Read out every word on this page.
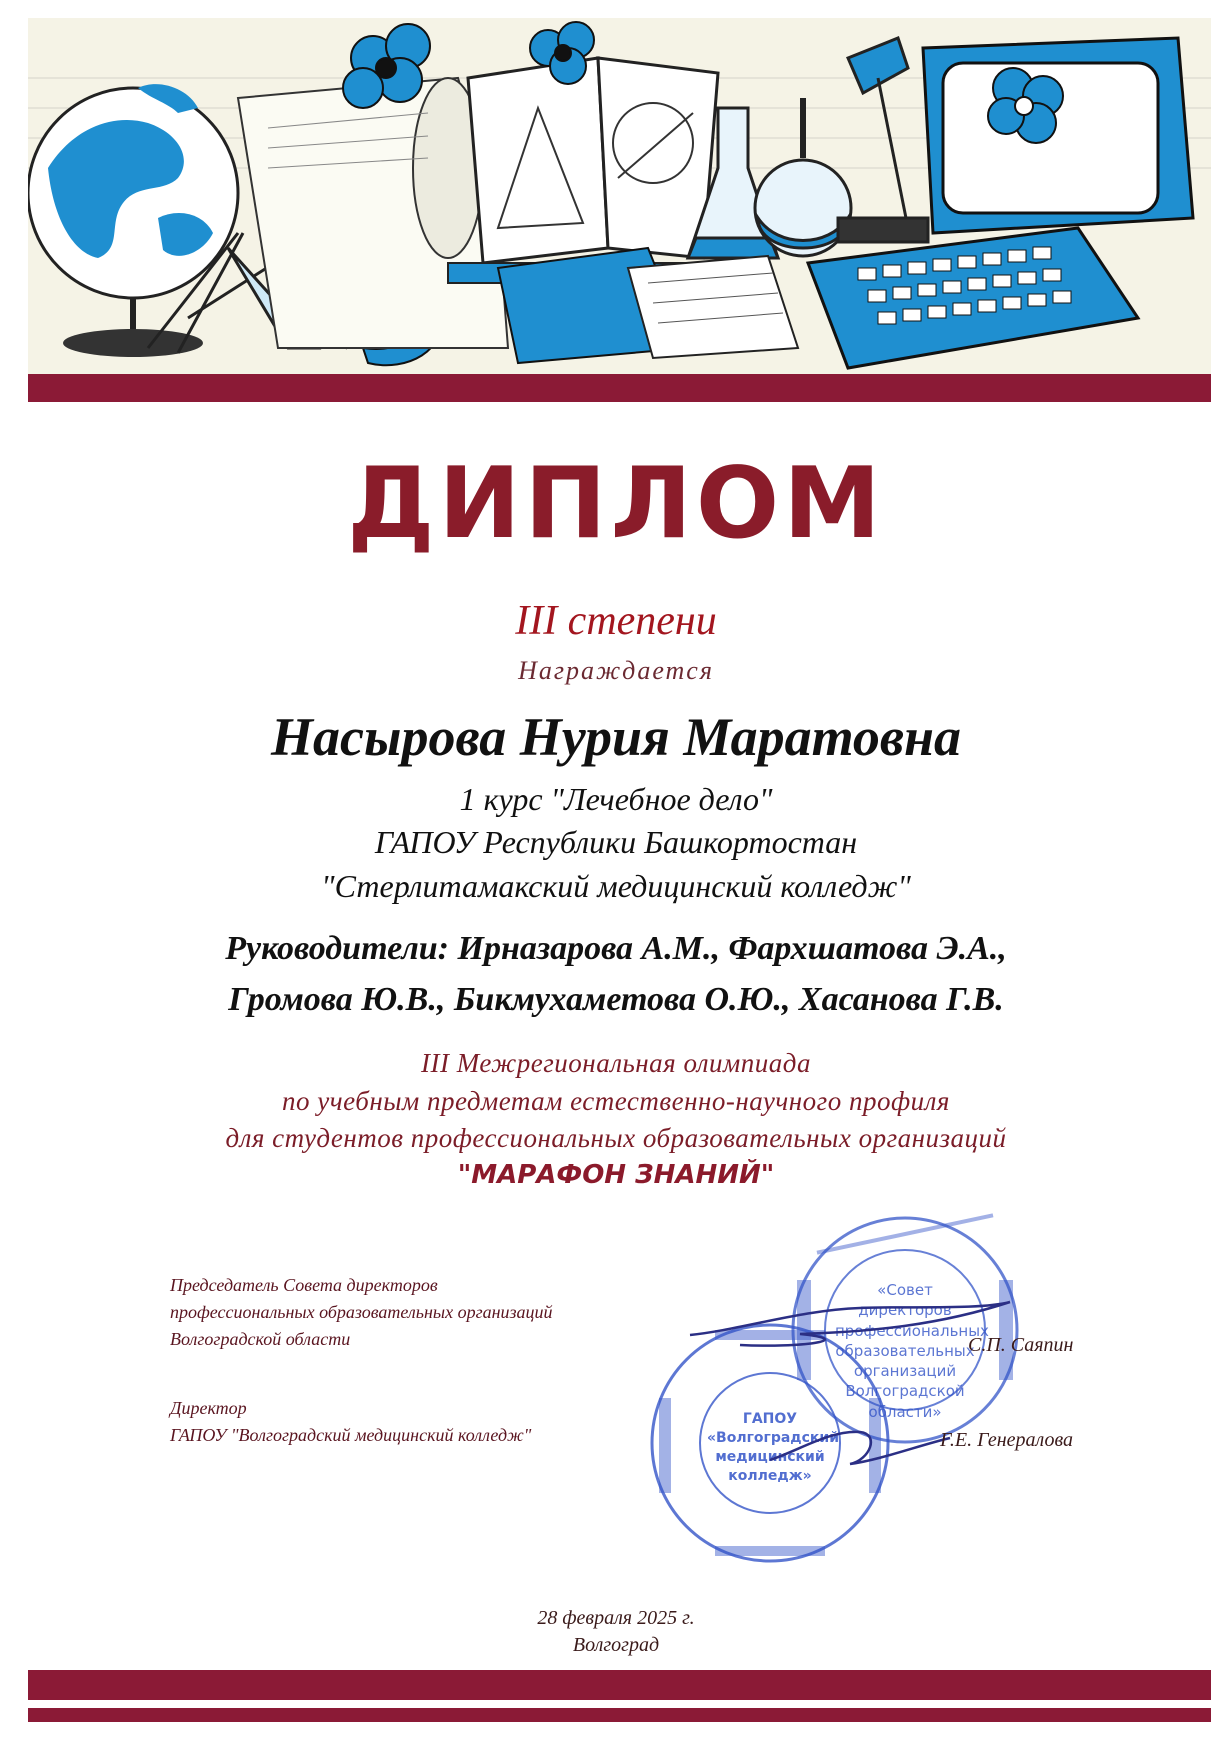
ДИПЛОМ
III степени
Награждается
Насырова Нурия Маратовна
1 курс "Лечебное дело"
ГАПОУ Республики Башкортостан
"Стерлитамакский медицинский колледж"
Руководители: Ирназарова А.М., Фархшатова Э.А.,
Громова Ю.В., Бикмухаметова О.Ю., Хасанова Г.В.
III Межрегиональная олимпиада
по учебным предметам естественно-научного профиля
для студентов профессиональных образовательных организаций
"МАРАФОН ЗНАНИЙ"
«Совет директоров профессиональных образовательных организаций Волгоградской области»
ГАПОУ «Волгоградский медицинский колледж»
Председатель Совета директоров
профессиональных образовательных организаций
Волгоградской области	С.П. Саяпин
Директор
ГАПОУ "Волгоградский медицинский колледж"	Г.Е. Генералова
28 февраля 2025 г.
Волгоград
